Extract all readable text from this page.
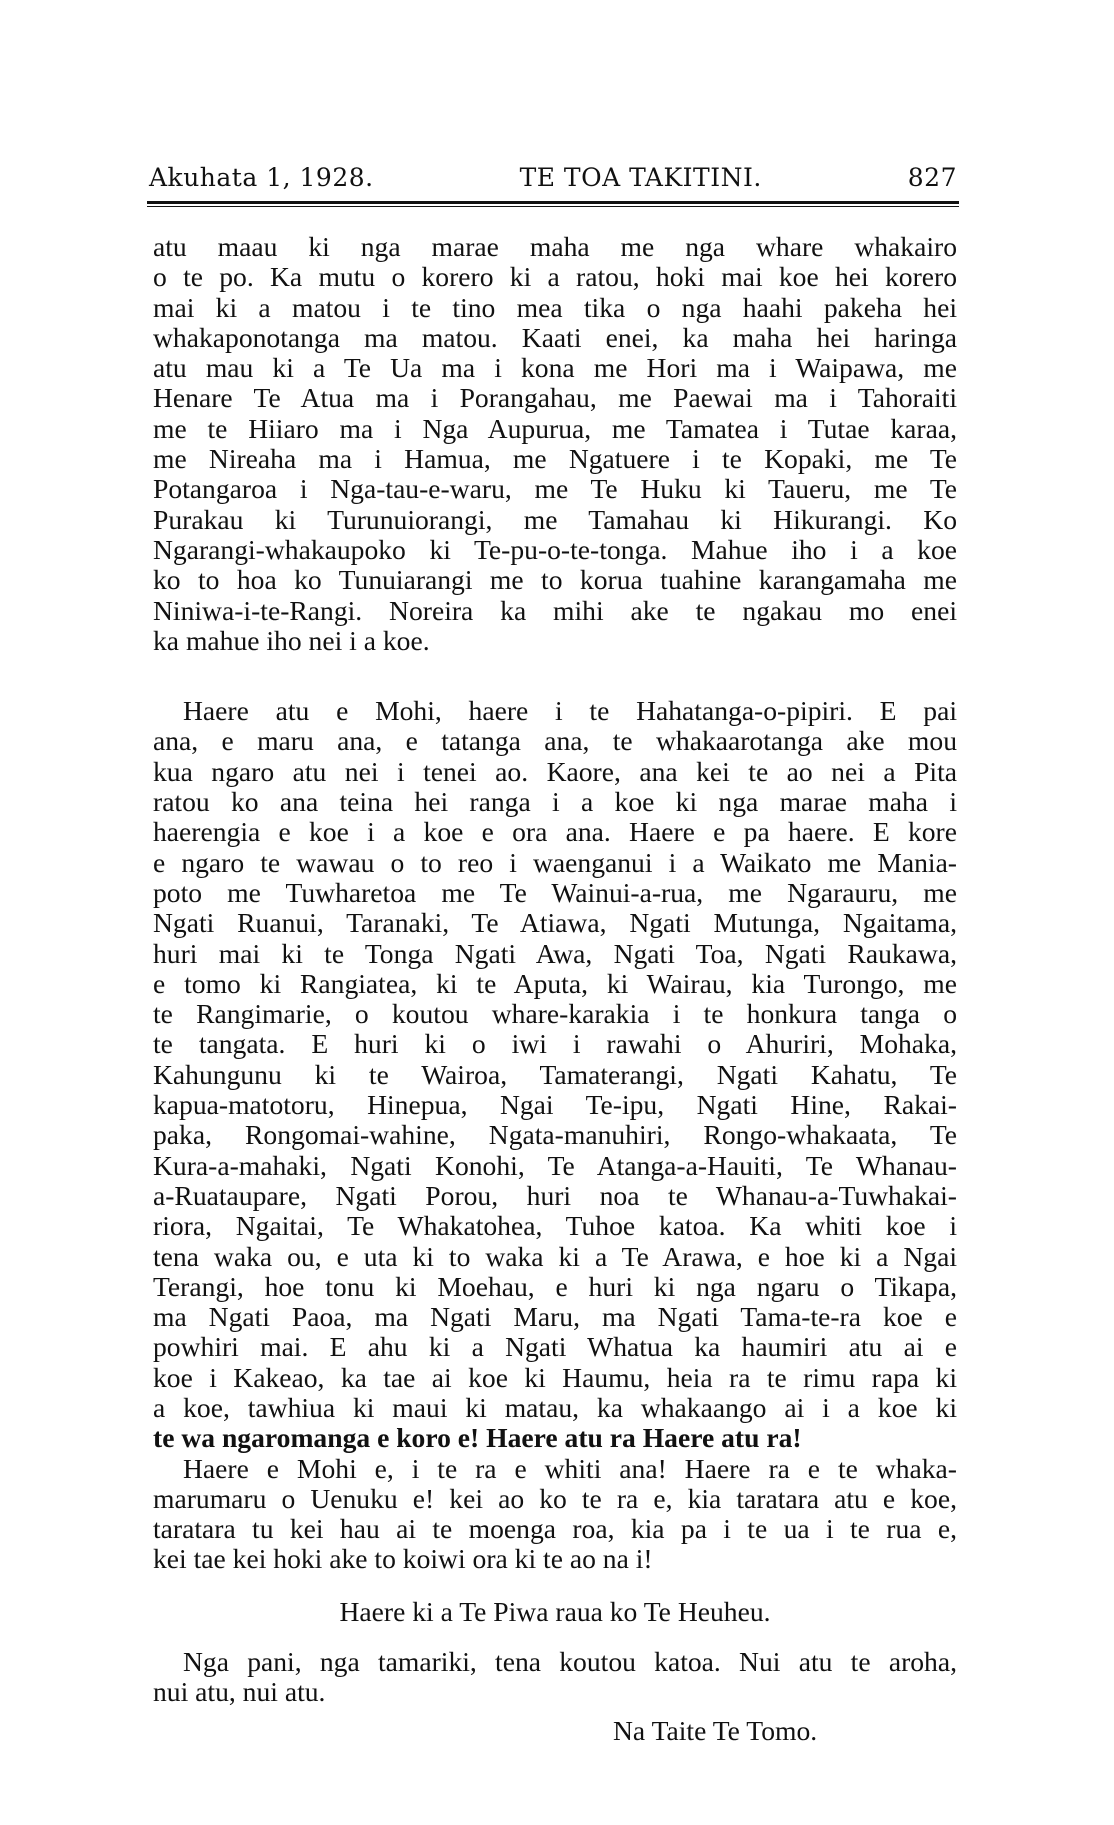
Akuhata 1, 1928.	TE TOA TAKITINI.	827
atu maau ki nga marae maha me nga whare whakairo
o te po. Ka mutu o korero ki a ratou, hoki mai koe hei korero
mai ki a matou i te tino mea tika o nga haahi pakeha hei
whakaponotanga ma matou. Kaati enei, ka maha hei haringa
atu mau ki a Te Ua ma i kona me Hori ma i Waipawa, me
Henare Te Atua ma i Porangahau, me Paewai ma i Tahoraiti
me te Hiiaro ma i Nga Aupurua, me Tamatea i Tutae karaa,
me Nireaha ma i Hamua, me Ngatuere i te Kopaki, me Te
Potangaroa i Nga-tau-e-waru, me Te Huku ki Taueru, me Te
Purakau ki Turunuiorangi, me Tamahau ki Hikurangi. Ko
Ngarangi-whakaupoko ki Te-pu-o-te-tonga. Mahue iho i a koe
ko to hoa ko Tunuiarangi me to korua tuahine karangamaha me
Niniwa-i-te-Rangi. Noreira ka mihi ake te ngakau mo enei
ka mahue iho nei i a koe.
Haere atu e Mohi, haere i te Hahatanga-o-pipiri. E pai
ana, e maru ana, e tatanga ana, te whakaarotanga ake mou
kua ngaro atu nei i tenei ao. Kaore, ana kei te ao nei a Pita
ratou ko ana teina hei ranga i a koe ki nga marae maha i
haerengia e koe i a koe e ora ana. Haere e pa haere. E kore
e ngaro te wawau o to reo i waenganui i a Waikato me Mania-
poto me Tuwharetoa me Te Wainui-a-rua, me Ngarauru, me
Ngati Ruanui, Taranaki, Te Atiawa, Ngati Mutunga, Ngaitama,
huri mai ki te Tonga Ngati Awa, Ngati Toa, Ngati Raukawa,
e tomo ki Rangiatea, ki te Aputa, ki Wairau, kia Turongo, me
te Rangimarie, o koutou whare-karakia i te honkura tanga o
te tangata. E huri ki o iwi i rawahi o Ahuriri, Mohaka,
Kahungunu ki te Wairoa, Tamaterangi, Ngati Kahatu, Te
kapua-matotoru, Hinepua, Ngai Te-ipu, Ngati Hine, Rakai-
paka, Rongomai-wahine, Ngata-manuhiri, Rongo-whakaata, Te
Kura-a-mahaki, Ngati Konohi, Te Atanga-a-Hauiti, Te Whanau-
a-Ruataupare, Ngati Porou, huri noa te Whanau-a-Tuwhakai-
riora, Ngaitai, Te Whakatohea, Tuhoe katoa. Ka whiti koe i
tena waka ou, e uta ki to waka ki a Te Arawa, e hoe ki a Ngai
Terangi, hoe tonu ki Moehau, e huri ki nga ngaru o Tikapa,
ma Ngati Paoa, ma Ngati Maru, ma Ngati Tama-te-ra koe e
powhiri mai. E ahu ki a Ngati Whatua ka haumiri atu ai e
koe i Kakeao, ka tae ai koe ki Haumu, heia ra te rimu rapa ki
a koe, tawhiua ki maui ki matau, ka whakaango ai i a koe ki
te wa ngaromanga e koro e! Haere atu ra Haere atu ra!
Haere e Mohi e, i te ra e whiti ana! Haere ra e te whaka-
marumaru o Uenuku e! kei ao ko te ra e, kia taratara atu e koe,
taratara tu kei hau ai te moenga roa, kia pa i te ua i te rua e,
kei tae kei hoki ake to koiwi ora ki te ao na i!
Haere ki a Te Piwa raua ko Te Heuheu.
Nga pani, nga tamariki, tena koutou katoa. Nui atu te aroha,
nui atu, nui atu.
Na Taite Te Tomo.
